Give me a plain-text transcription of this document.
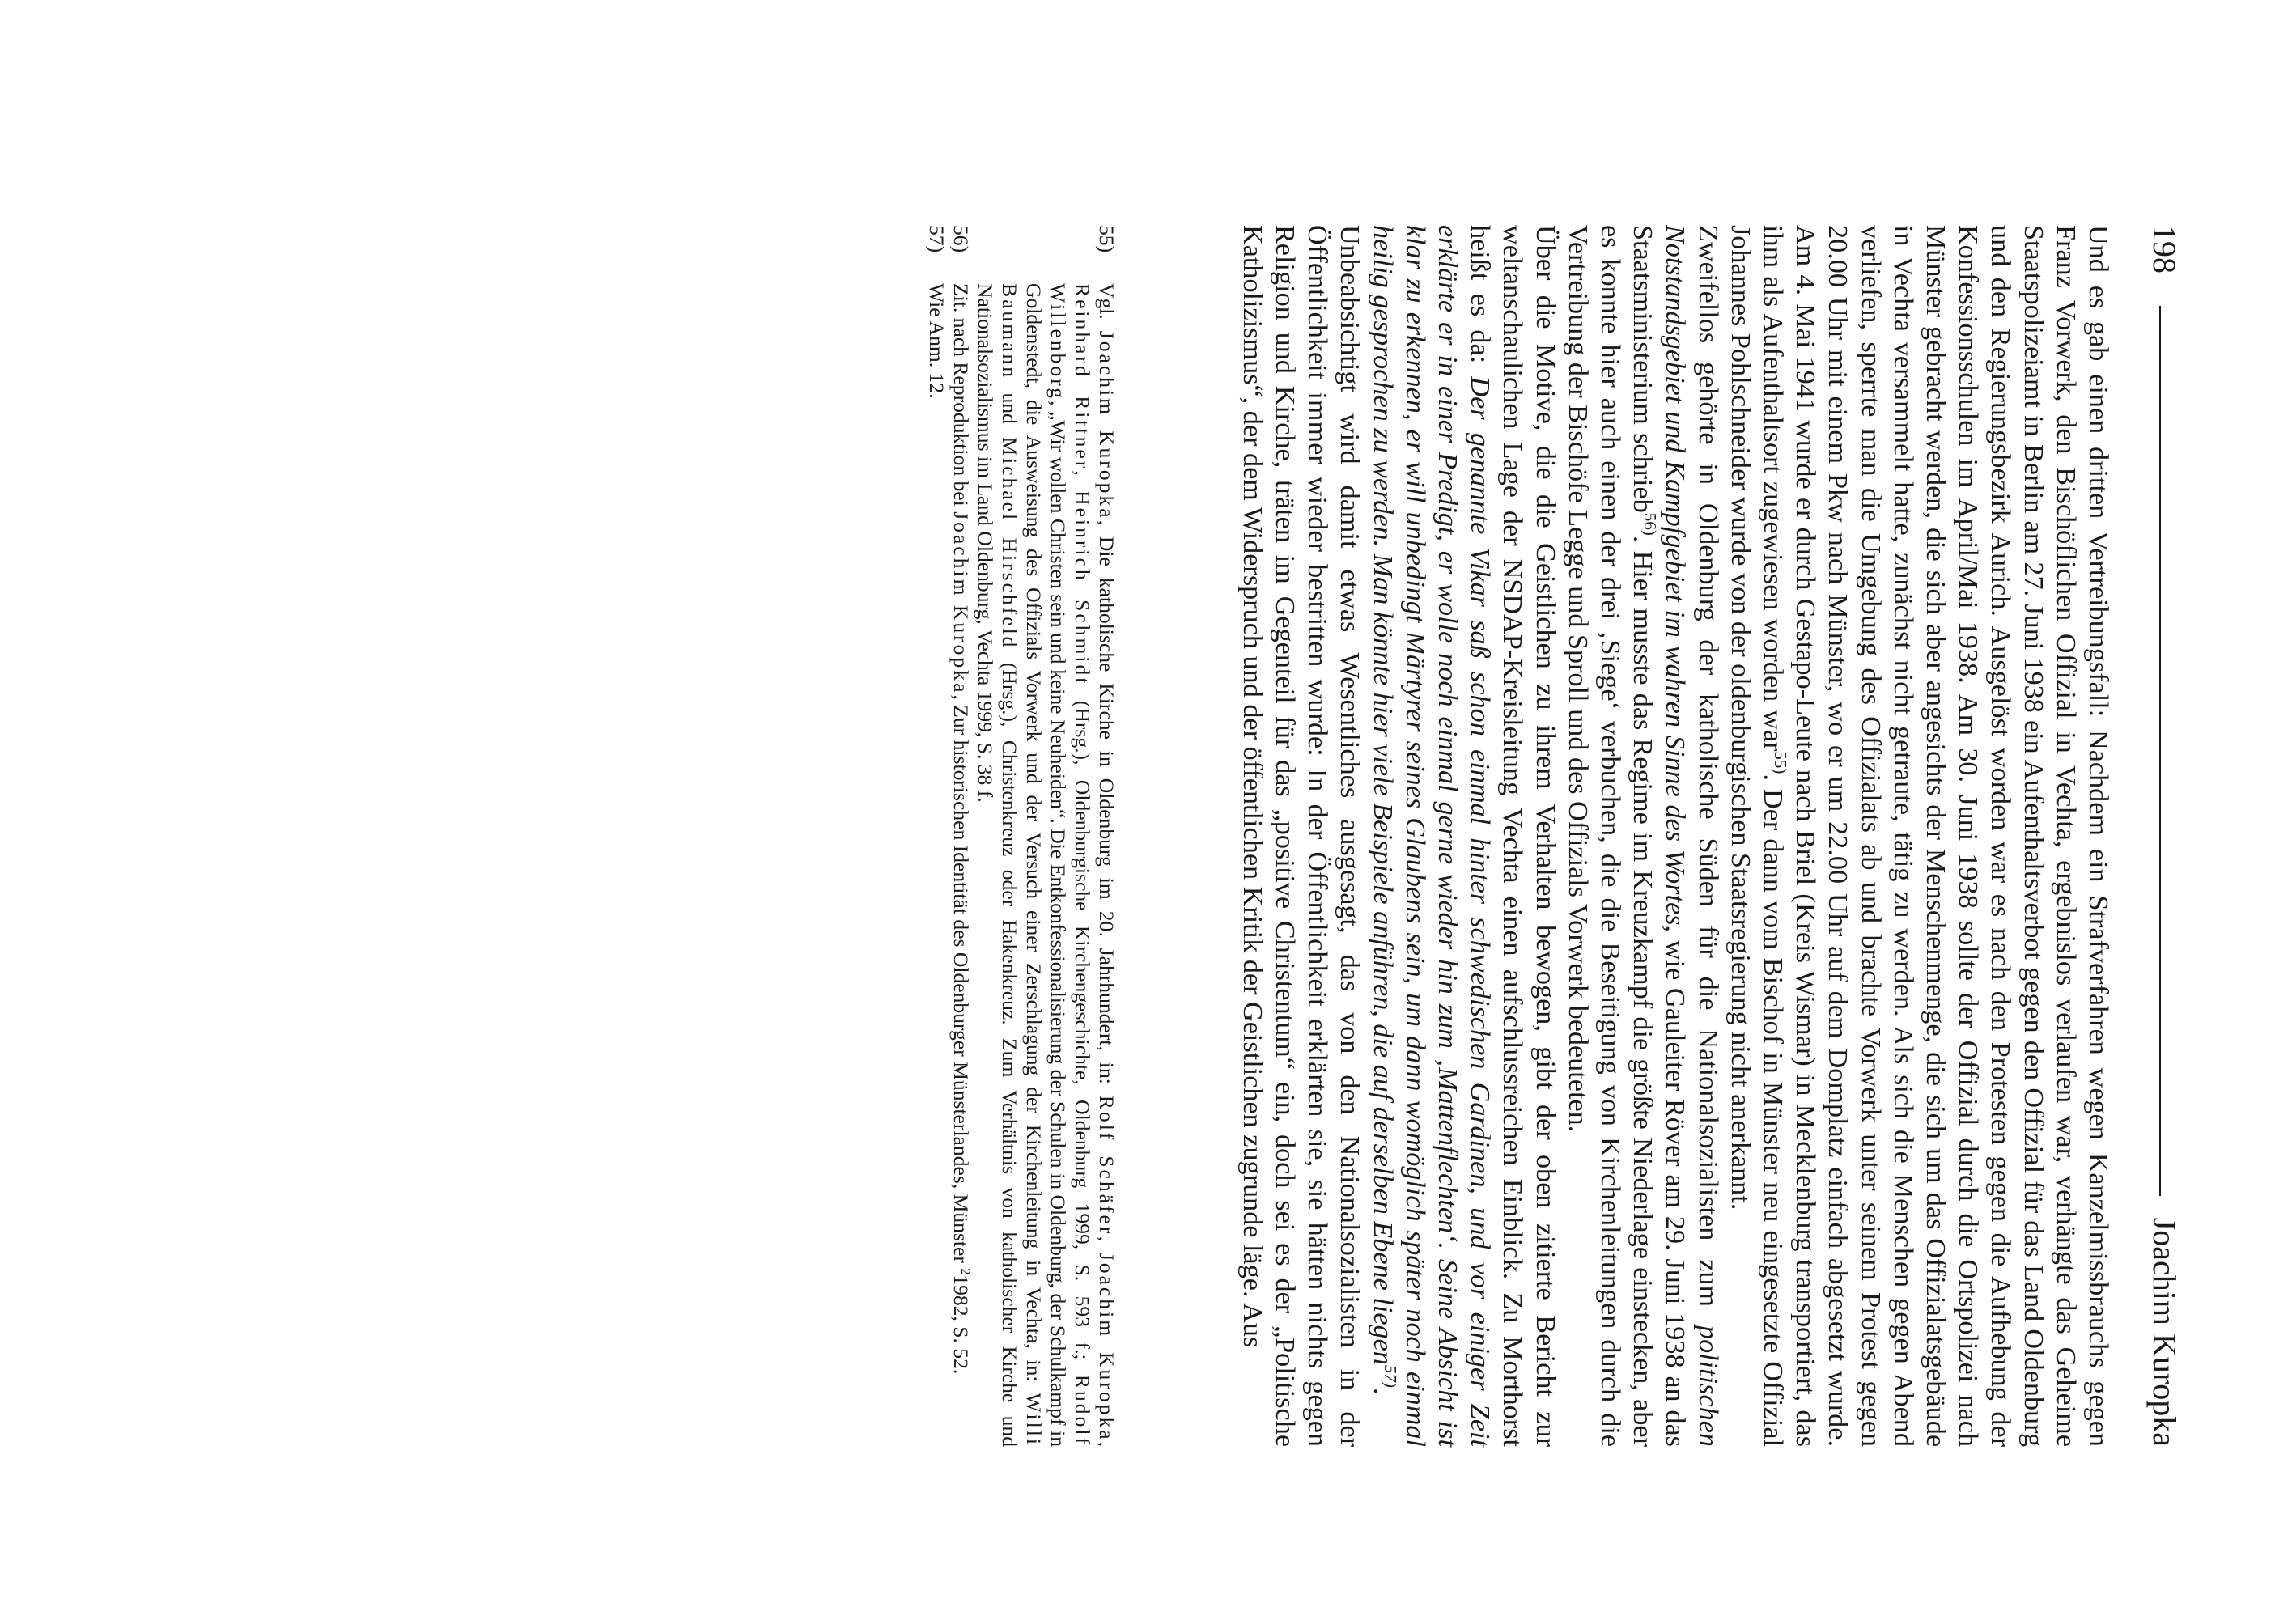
198
Joachim Kuropka

Und es gab einen dritten Vertreibungsfall: Nachdem ein Strafverfahren wegen Kanzelmissbrauchs gegen Franz Vorwerk, den Bischöflichen Offizial in Vechta, ergebnislos verlaufen war, verhängte das Geheime Staatspolizeiamt in Berlin am 27. Juni 1938 ein Aufenthaltsverbot gegen den Offizial für das Land Oldenburg und den Regierungsbezirk Aurich. Ausgelöst worden war es nach den Protesten gegen die Aufhebung der Konfessionsschulen im April/Mai 1938. Am 30. Juni 1938 sollte der Offizial durch die Ortspolizei nach Münster gebracht werden, die sich aber angesichts der Menschenmenge, die sich um das Offizialatsgebäude in Vechta versammelt hatte, zunächst nicht getraute, tätig zu werden. Als sich die Menschen gegen Abend verliefen, sperrte man die Umgebung des Offizialats ab und brachte Vorwerk unter seinem Protest gegen 20.00 Uhr mit einem Pkw nach Münster, wo er um 22.00 Uhr auf dem Domplatz einfach abgesetzt wurde. Am 4. Mai 1941 wurde er durch Gestapo-Leute nach Briel (Kreis Wismar) in Mecklenburg transportiert, das ihm als Aufenthaltsort zugewiesen worden war$^{55)}$. Der dann vom Bischof in Münster neu eingesetzte Offizial Johannes Pohlschneider wurde von der oldenburgischen Staatsregierung nicht anerkannt.

Zweifellos gehörte in Oldenburg der katholische Süden für die Nationalsozialisten zum politischen Notstandsgebiet und Kampfgebiet im wahren Sinne des Wortes, wie Gauleiter Röver am 29. Juni 1938 an das Staatsministerium schrieb$^{56)}$. Hier musste das Regime im Kreuzkampf die größte Niederlage einstecken, aber es konnte hier auch einen der drei ‚Siege‘ verbuchen, die die Beseitigung von Kirchenleitungen durch die Vertreibung der Bischöfe Legge und Sproll und des Offizials Vorwerk bedeuteten.

Über die Motive, die die Geistlichen zu ihrem Verhalten bewogen, gibt der oben zitierte Bericht zur weltanschaulichen Lage der NSDAP-Kreisleitung Vechta einen aufschlussreichen Einblick. Zu Morthorst heißt es da: Der genannte Vikar saß schon einmal hinter schwedischen Gardinen, und vor einiger Zeit erklärte er in einer Predigt, er wolle noch einmal gerne wieder hin zum ‚Mattenflechten‘. Seine Absicht ist klar zu erkennen, er will unbedingt Märtyrer seines Glaubens sein, um dann womöglich später noch einmal heilig gesprochen zu werden. Man könnte hier viele Beispiele anführen, die auf derselben Ebene liegen$^{57)}$.

Unbeabsichtigt wird damit etwas Wesentliches ausgesagt, das von den Nationalsozialisten in der Öffentlichkeit immer wieder bestritten wurde: In der Öffentlichkeit erklärten sie, sie hätten nichts gegen Religion und Kirche, träten im Gegenteil für das „positive Christentum“ ein, doch sei es der „Politische Katholizismus“, der dem Widerspruch und der öffentlichen Kritik der Geistlichen zugrunde läge. Aus

55)
Vgl. Joachim Kuropka, Die katholische Kirche in Oldenburg im 20. Jahrhundert, in: Rolf Schäfer, Joachim Kuropka, Reinhard Rittner, Heinrich Schmidt (Hrsg.), Oldenburgische Kirchengeschichte, Oldenburg 1999, S. 593 f.; Rudolf Willenborg, „Wir wollen Christen sein und keine Neuheiden“. Die Entkonfessionalisierung der Schulen in Oldenburg, der Schulkampf in Goldenstedt, die Ausweisung des Offizials Vorwerk und der Versuch einer Zerschlagung der Kirchenleitung in Vechta, in: Willi Baumann und Michael Hirschfeld (Hrsg.), Christenkreuz oder Hakenkreuz. Zum Verhältnis von katholischer Kirche und Nationalsozialismus im Land Oldenburg, Vechta 1999, S. 38 f.

56)
Zit. nach Reproduktion bei Joachim Kuropka, Zur historischen Identität des Oldenburger Münsterlandes, Münster $^2$1982, S. 52.

57)
Wie Anm. 12.
